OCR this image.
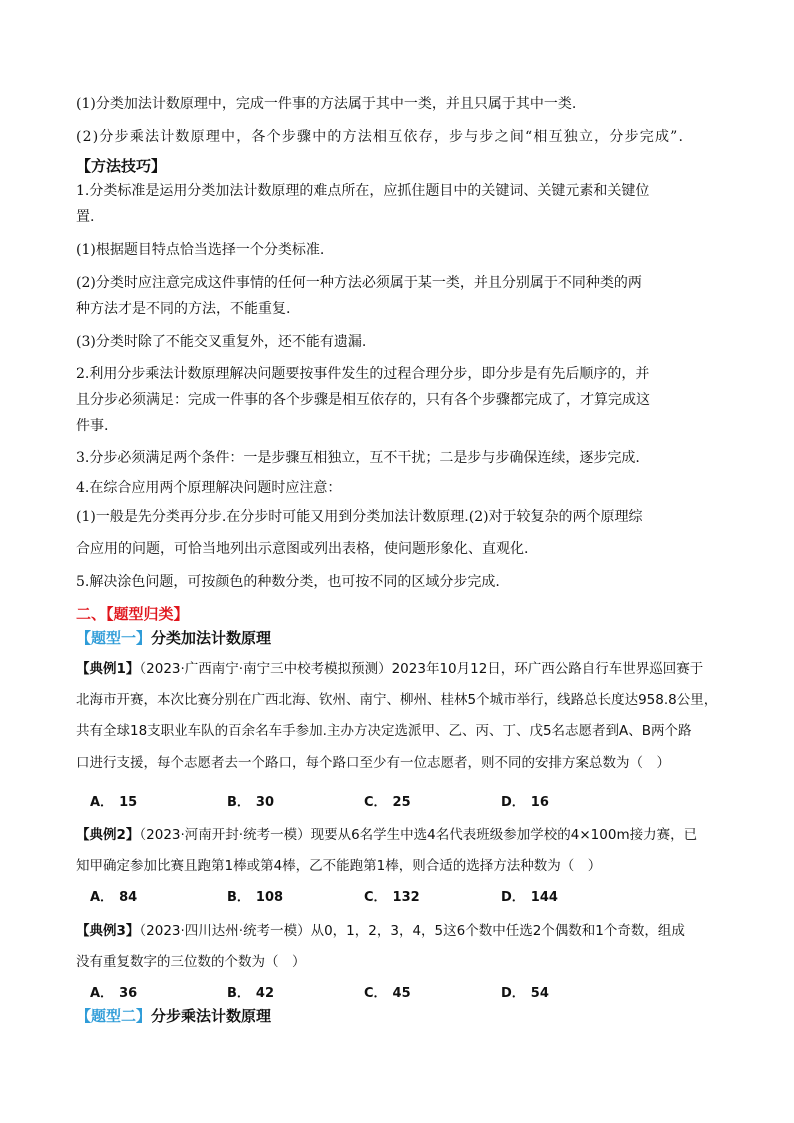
(1)分类加法计数原理中，完成一件事的方法属于其中一类，并且只属于其中一类.
(2)分步乘法计数原理中，各个步骤中的方法相互依存，步与步之间“相互独立，分步完成”.
【方法技巧】
1.分类标准是运用分类加法计数原理的难点所在，应抓住题目中的关键词、关键元素和关键位
置.
(1)根据题目特点恰当选择一个分类标准.
(2)分类时应注意完成这件事情的任何一种方法必须属于某一类，并且分别属于不同种类的两
种方法才是不同的方法，不能重复.
(3)分类时除了不能交叉重复外，还不能有遗漏.
2.利用分步乘法计数原理解决问题要按事件发生的过程合理分步，即分步是有先后顺序的，并
且分步必须满足：完成一件事的各个步骤是相互依存的，只有各个步骤都完成了，才算完成这
件事.
3.分步必须满足两个条件：一是步骤互相独立，互不干扰；二是步与步确保连续，逐步完成.
4.在综合应用两个原理解决问题时应注意：
(1)一般是先分类再分步.在分步时可能又用到分类加法计数原理.(2)对于较复杂的两个原理综
合应用的问题，可恰当地列出示意图或列出表格，使问题形象化、直观化.
5.解决涂色问题，可按颜色的种数分类，也可按不同的区域分步完成.
二、【题型归类】
【题型一】分类加法计数原理
【典例1】（2023·广西南宁·南宁三中校考模拟预测）2023年10月12日，环广西公路自行车世界巡回赛于
北海市开赛，本次比赛分别在广西北海、钦州、南宁、柳州、桂林5个城市举行，线路总长度达958.8公里，
共有全球18支职业车队的百余名车手参加.主办方决定选派甲、乙、丙、丁、戊5名志愿者到A、B两个路
口进行支援，每个志愿者去一个路口，每个路口至少有一位志愿者，则不同的安排方案总数为（　）
A． 15	B． 30	C． 25	D． 16
【典例2】（2023·河南开封·统考一模）现要从6名学生中选4名代表班级参加学校的4×100m接力赛，已
知甲确定参加比赛且跑第1棒或第4棒，乙不能跑第1棒，则合适的选择方法种数为（　）
A． 84	B． 108	C． 132	D． 144
【典例3】（2023·四川达州·统考一模）从0，1，2，3，4，5这6个数中任选2个偶数和1个奇数，组成
没有重复数字的三位数的个数为（　）
A． 36	B． 42	C． 45	D． 54
【题型二】分步乘法计数原理
